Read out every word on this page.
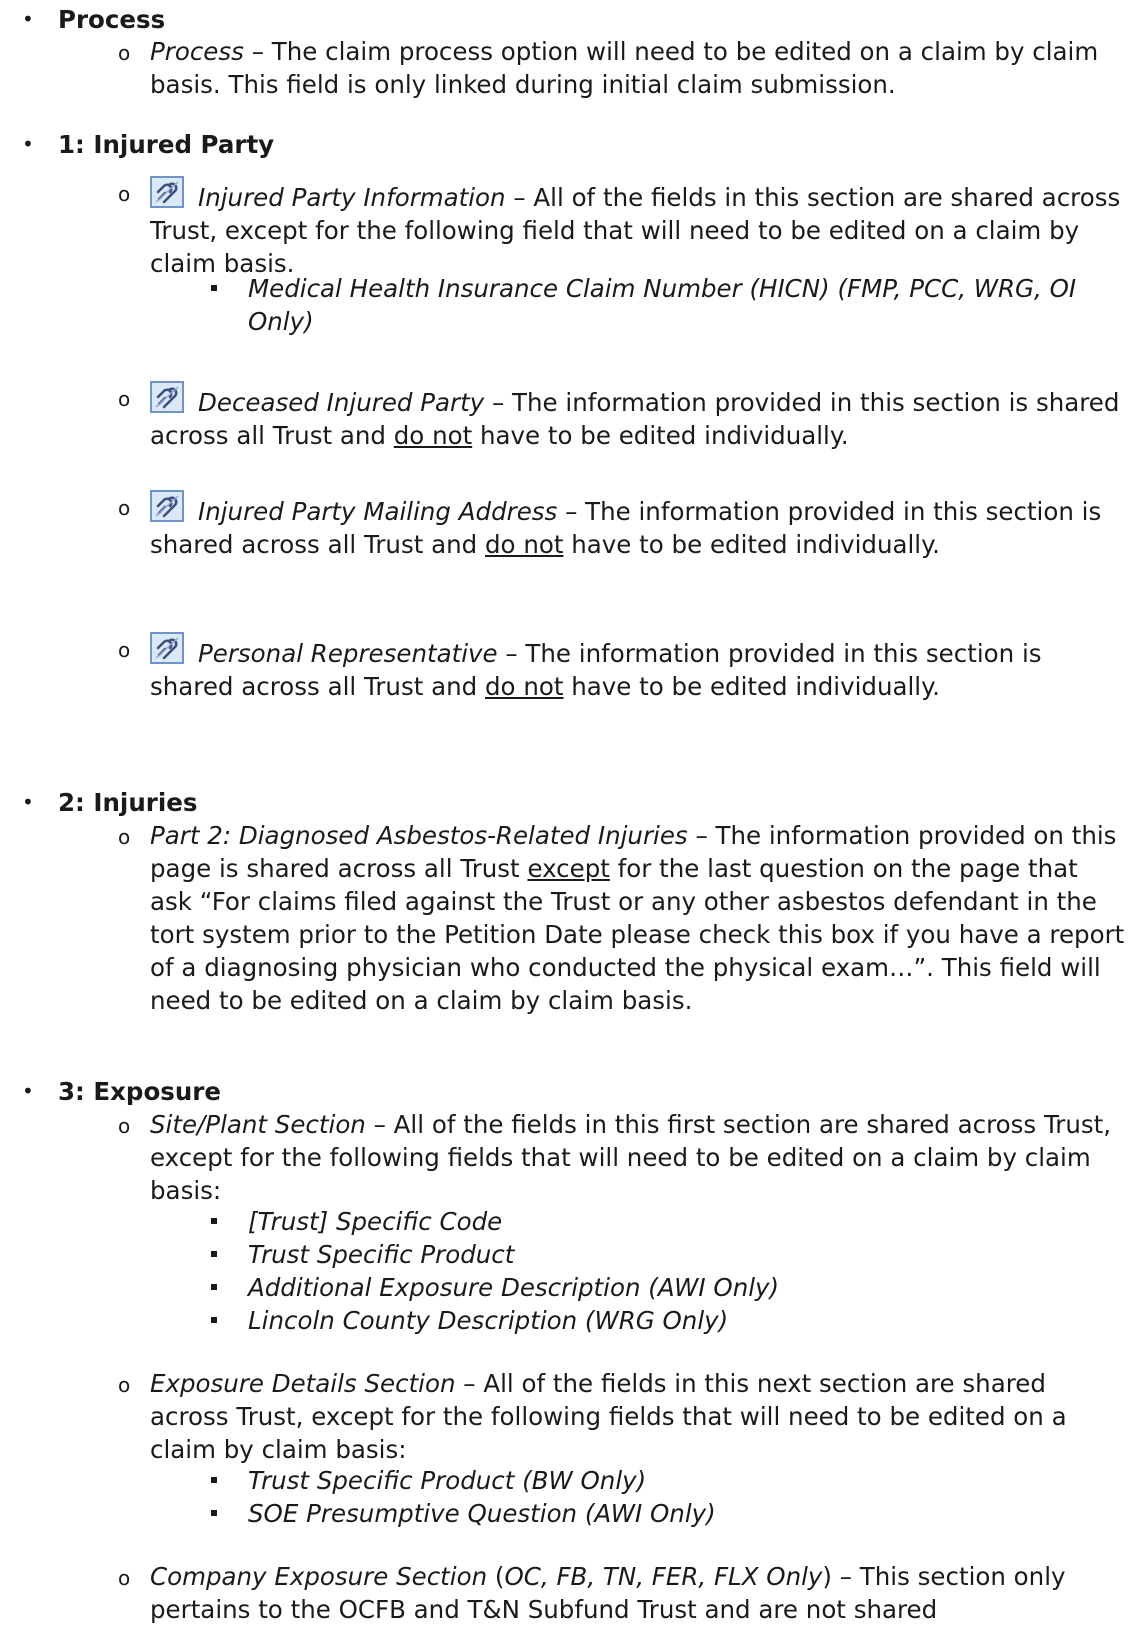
• Process
o Process – The claim process option will need to be edited on a claim by claim basis. This field is only linked during initial claim submission.
• 1: Injured Party
o	Injured Party Information – All of the fields in this section are shared across Trust, except for the following field that will need to be edited on a claim by claim basis.
Medical Health Insurance Claim Number (HICN) (FMP, PCC, WRG, OI Only)
o	Deceased Injured Party – The information provided in this section is shared across all Trust and do not have to be edited individually.
o	Injured Party Mailing Address – The information provided in this section is shared across all Trust and do not have to be edited individually.
o	Personal Representative – The information provided in this section is shared across all Trust and do not have to be edited individually.
• 2: Injuries
o Part 2: Diagnosed Asbestos-Related Injuries – The information provided on this page is shared across all Trust except for the last question on the page that ask “For claims filed against the Trust or any other asbestos defendant in the tort system prior to the Petition Date please check this box if you have a report of a diagnosing physician who conducted the physical exam…”. This field will need to be edited on a claim by claim basis.
• 3: Exposure
o Site/Plant Section – All of the fields in this first section are shared across Trust, except for the following fields that will need to be edited on a claim by claim basis:
[Trust] Specific Code
Trust Specific Product
Additional Exposure Description (AWI Only)
Lincoln County Description (WRG Only)
o Exposure Details Section – All of the fields in this next section are shared across Trust, except for the following fields that will need to be edited on a claim by claim basis:
Trust Specific Product (BW Only)
SOE Presumptive Question (AWI Only)
o Company Exposure Section (OC, FB, TN, FER, FLX Only) – This section only pertains to the OCFB and T&N Subfund Trust and are not shared
